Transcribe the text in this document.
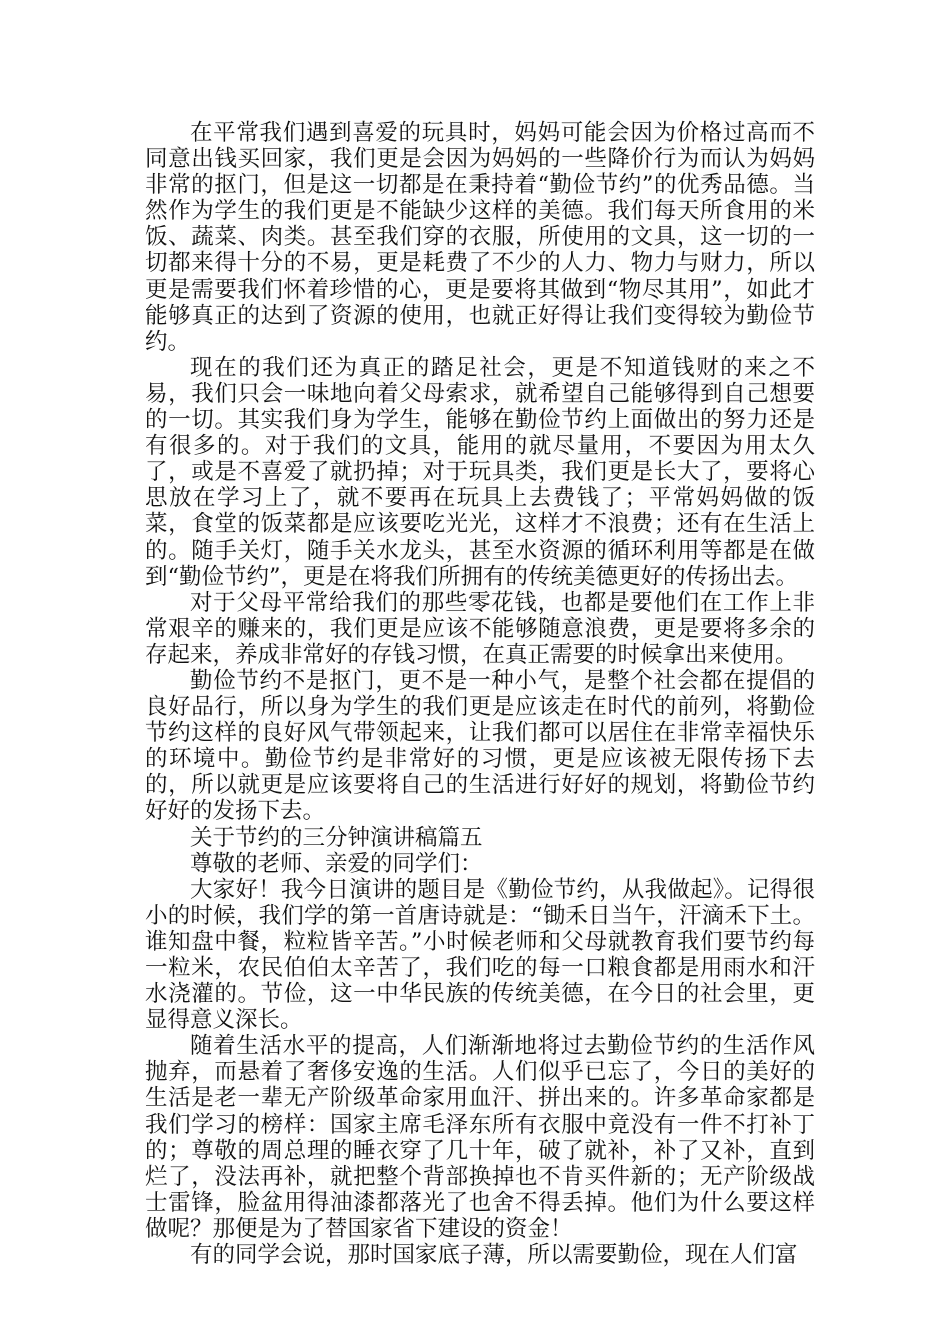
在平常我们遇到喜爱的玩具时，妈妈可能会因为价格过高而不同意出钱买回家，我们更是会因为妈妈的一些降价行为而认为妈妈非常的抠门，但是这一切都是在秉持着“勤俭节约”的优秀品德。当然作为学生的我们更是不能缺少这样的美德。我们每天所食用的米饭、蔬菜、肉类。甚至我们穿的衣服，所使用的文具，这一切的一切都来得十分的不易，更是耗费了不少的人力、物力与财力，所以更是需要我们怀着珍惜的心，更是要将其做到“物尽其用”，如此才能够真正的达到了资源的使用，也就正好得让我们变得较为勤俭节约。

现在的我们还为真正的踏足社会，更是不知道钱财的来之不易，我们只会一味地向着父母索求，就希望自己能够得到自己想要的一切。其实我们身为学生，能够在勤俭节约上面做出的努力还是有很多的。对于我们的文具，能用的就尽量用，不要因为用太久了，或是不喜爱了就扔掉；对于玩具类，我们更是长大了，要将心思放在学习上了，就不要再在玩具上去费钱了；平常妈妈做的饭菜，食堂的饭菜都是应该要吃光光，这样才不浪费；还有在生活上的。随手关灯，随手关水龙头，甚至水资源的循环利用等都是在做到“勤俭节约”，更是在将我们所拥有的传统美德更好的传扬出去。

对于父母平常给我们的那些零花钱，也都是要他们在工作上非常艰辛的赚来的，我们更是应该不能够随意浪费，更是要将多余的存起来，养成非常好的存钱习惯，在真正需要的时候拿出来使用。

勤俭节约不是抠门，更不是一种小气，是整个社会都在提倡的良好品行，所以身为学生的我们更是应该走在时代的前列，将勤俭节约这样的良好风气带领起来，让我们都可以居住在非常幸福快乐的环境中。勤俭节约是非常好的习惯，更是应该被无限传扬下去的，所以就更是应该要将自己的生活进行好好的规划，将勤俭节约好好的发扬下去。

关于节约的三分钟演讲稿篇五

尊敬的老师、亲爱的同学们：

大家好！我今日演讲的题目是《勤俭节约，从我做起》。记得很小的时候，我们学的第一首唐诗就是：“锄禾日当午，汗滴禾下土。谁知盘中餐，粒粒皆辛苦。”小时候老师和父母就教育我们要节约每一粒米，农民伯伯太辛苦了，我们吃的每一口粮食都是用雨水和汗水浇灌的。节俭，这一中华民族的传统美德，在今日的社会里，更显得意义深长。

随着生活水平的提高，人们渐渐地将过去勤俭节约的生活作风抛弃，而悬着了奢侈安逸的生活。人们似乎已忘了，今日的美好的生活是老一辈无产阶级革命家用血汗、拼出来的。许多革命家都是我们学习的榜样：国家主席毛泽东所有衣服中竟没有一件不打补丁的；尊敬的周总理的睡衣穿了几十年，破了就补，补了又补，直到烂了，没法再补，就把整个背部换掉也不肯买件新的；无产阶级战士雷锋，脸盆用得油漆都落光了也舍不得丢掉。他们为什么要这样做呢？那便是为了替国家省下建设的资金！

有的同学会说，那时国家底子薄，所以需要勤俭，现在人们富
